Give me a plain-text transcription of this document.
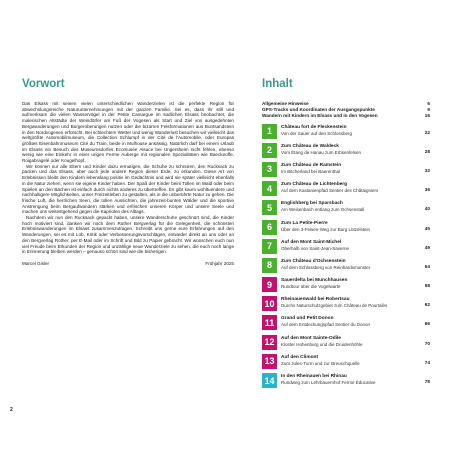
Vorwort

Das Elsass mit seinen vielen unterschiedlichen Wanderzielen ist die perfekte Region für abwechslungsreiche Naturunternehmungen mit der ganzen Familie. Sei es, dass ihr still und aufmerksam die vielen Wasservögel in der Petite Camargue im südlichen Elsass beobachtet, die malerischen Altstädte der Weindörfer am Fuß der Vogesen als Start und Ziel von ausgedehnten Bergwanderungen und Burgeroberungen nutzen oder die bizarren Felsformationen aus Buntsandstein in den Nordvogesen erforscht. Bei schlechtem Wetter und wenig Wanderlust besuchen wir vielleicht das weltgrößte Automobilmuseum, die Collection Schlumpf in der Cité de l'Automobile, oder Europas größtes Eisenbahnmuseum Cité du Train, beide in Mulhouse ansässig. Natürlich darf bei einem Urlaub im Elsass ein Besuch des Museumsdorfes Ecomusée Alsace bei Ungersheim nicht fehlen, ebenso wenig wie eine Einkehr in einer urigen Ferme Auberge mit regionalen Spezialitäten wie Baeckeoffe, Roigabragelé oder Kougelhopf.

Wir können nur alle Eltern und Kinder dazu ermutigen, die Schuhe zu schnüren, den Rucksack zu packen und das Elsass, aber auch jede andere Region dieser Erde, zu erkunden. Diese Art von Erlebnissen bleibt den Kindern lebenslang positiv im Gedächtnis und wird sie später vielleicht ebenfalls in die Natur ziehen, wenn sie eigene Kinder haben. Der Spaß der Kinder beim Tollen im Wald oder beim Spielen an den Bächen ist einfach durch nichts anderes zu übertreffen. Es gibt kaum wohltuendere und nachhaltigere Möglichkeiten, unser Freizeitleben zu gestalten, als in die unberührte Natur zu gehen. Die frische Luft, die herrlichen Seen, die tollen Aussichten, die jahrezeit-bunten Wälder und die sportive Anstrengung beim Bergaufwandern stärken und erfrischen unseren Körper und unsere Seele und machen uns weitestgehend gegen die Kapriolen des Alltags.

Nachdem wir nun den Rucksack gepackt haben, unsere Wanderschuhe geschnürt sind, die Kinder hoch motiviert sind, danken wir noch dem Rother Bergverlag für die Gelegenheit, die schönsten Erlebniswanderungen im Elsass zusammenzutragen. Schreibt uns gerne eure Erfahrungen auf den Wanderungen, sei es mit Lob, Kritik oder Verbesserungsvorschlägen, entweder direkt an uns oder an den Bergverlag Rother, per E-Mail oder im Schrift und Bild zu Papier gebracht. Wir wünschen euch nun viel Freude beim Erkunden der Region und unzählige neue Wanderziele zu sehen, die euch noch lange in Erinnerung bleiben werden – genauso schön sind wie die bisherigen.

Marcel Gisler	Frühjahr 2025
Inhalt
Allgemeine Hinweise	6
GPS-Tracks und Koordinaten der Ausgangspunkte	9
Wandern mit Kindern im Elsass und in den Vogesen	16
1	Château fort de Fleckenstein
Von der Sauer auf den Schlossberg	22
2	Zum Château de Waldeck
Vom Étang de Hanau zum Erbsenfelsen	28
3	Zum Château de Ramstein
Im Bitcherland bei Baerenthal	32
4	Zum Château de Lichtenberg
Auf dem Kastanienpfad Sentier des Châtaigniers	36
5	Englishberg bei Sparsbach
Am Weisenbach entlang zum Ochsenstall	40
6	Zum La Petite-Pierre
Über den 3-Felsen-Weg zur Burg Lützelstein	45
7	Auf den Mont Saint-Michel
Oberhalb von Saint-Jean-Saverne	49
8	Zum Château d'Ochsenstein
Auf dem Schlossberg von Reinhardsmunster	54
9	Sauerdelta bei Munchhausen
Rundtour über die Vogelwarte	58
10	Rheinauenwald bei Robertsau
Durchs Naturschutzgebiet zum Château de Pourtalès	62
11	Grand und Petit Donon
Auf dem Entdeckungspfad Sentier du Donon	66
12	Auf den Mont Sainte-Odile
Kloster Hohenburg und die Druidenhöhle	70
13	Auf den Climont
Zum Jules-Turm und zur Breuschquelle	74
14	In den Rheinauen bei Rhinau
Rundweg zum Lehrbauernhof Ferme Éducative	78
2
